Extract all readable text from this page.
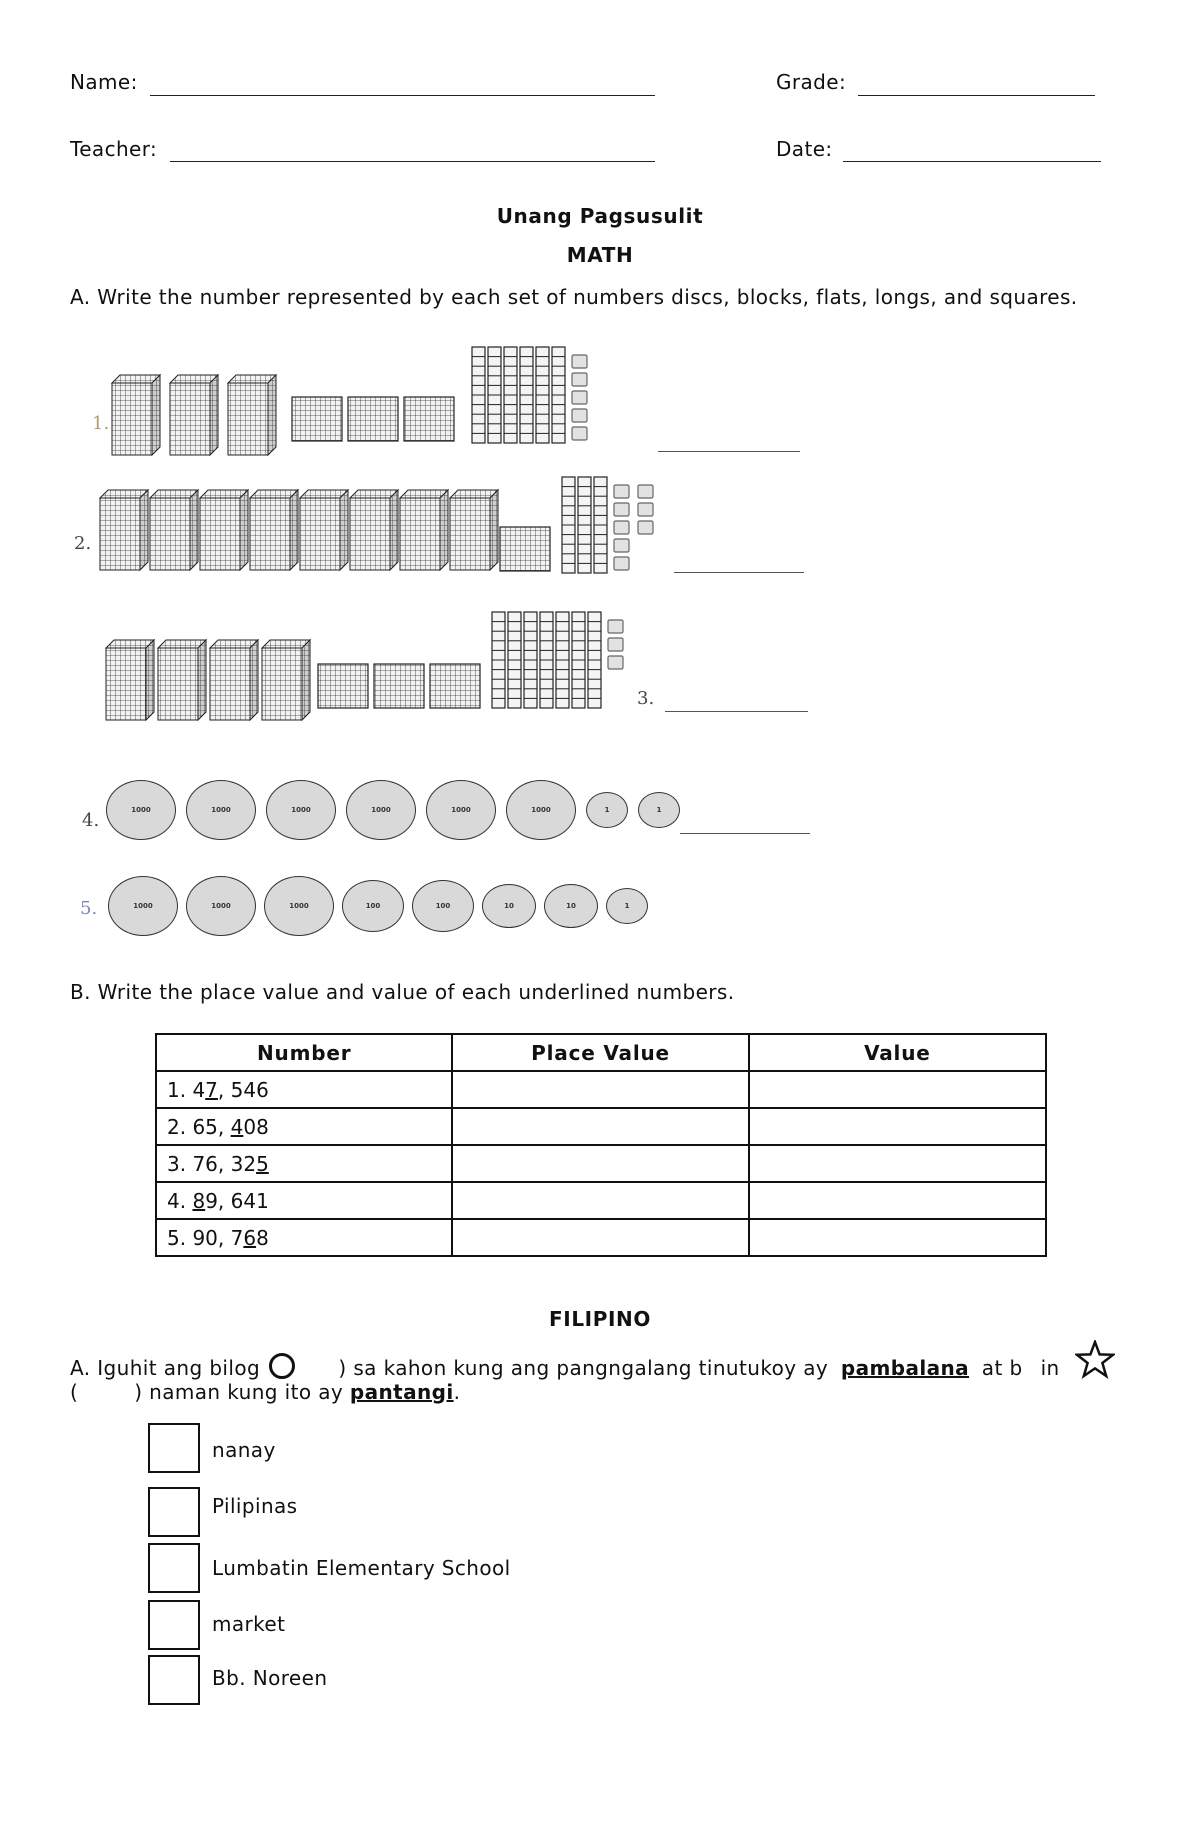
Name:	Grade:
Teacher:	Date:
Unang Pagsusulit
MATH
A. Write the number represented by each set of numbers discs, blocks, flats, longs, and squares.
1.
2.
3.
4.
5.
1000	1000	1000	1000	1000	1000	1	1
1000	1000	1000	100	100	10	10	1
B. Write the place value and value of each underlined numbers.
Number	Place Value	Value
1. 47, 546		
2. 65, 408		
3. 76, 325		
4. 89, 641		
5. 90, 768		
FILIPINO
A. Iguhit ang bilog	) sa kahon kung ang pangngalang tinutukoy ay pambalana at b in
(	) naman kung ito ay pantangi.
nanay
Pilipinas
Lumbatin Elementary School
market
Bb. Noreen
